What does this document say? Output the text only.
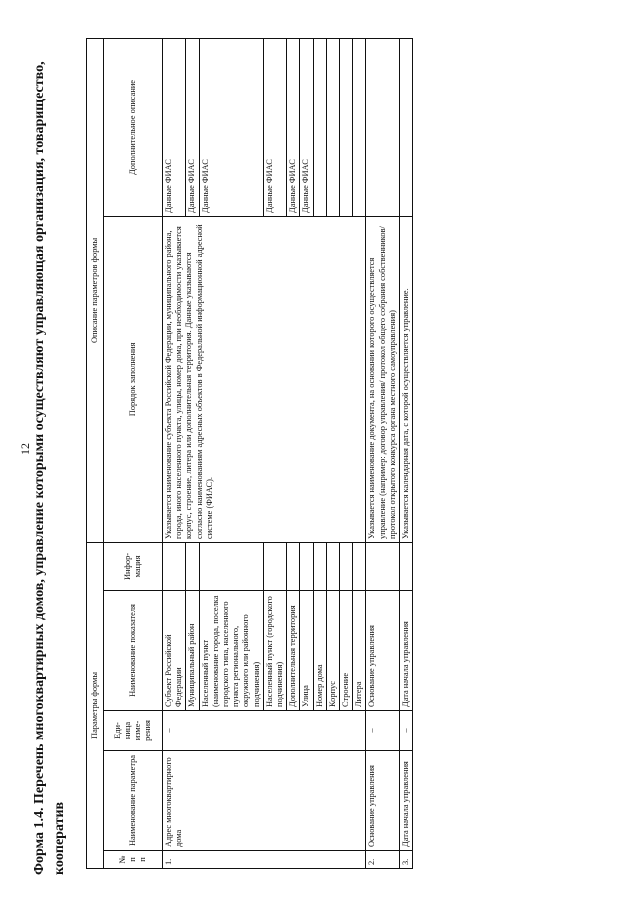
12 Форма 1.4. Перечень многоквартирных домов, управление которыми осуществляют управляющая организация, товарищество, кооператив
Параметры формы					Описание параметров формы	
№ п п	Наименование параметра	Еди- ница изме- рения	Наименование показателя	Инфор- мация	Порядок заполнения	Дополнительное описание
1.	Адрес многоквартирного дома	–	Субъект Российской Федерации		Указывается наименование субъекта Российской Федерации, муниципального района, города, иного населенного пункта, улицы, номер дома, при необходимости указывается корпус, строение, литера или дополнительная территория. Данные указываются согласно наименованиям адресных объектов в Федеральной информационной адресной системе (ФИАС).	Данные ФИАС
			Муниципальный район			Данные ФИАС
			Населенный пункт (наименование города, поселка городского типа, населенного пункта регионального, окружного или районного подчинения)			Данные ФИАС
			Населенный пункт (городского подчинения)			Данные ФИАС
			Дополнительная территория			Данные ФИАС
			Улица			Данные ФИАС
			Номер дома			
			Корпус			
			Строение			
			Литера			
2.	Основание управления	–	Основание управления		Указывается наименование документа, на основании которого осуществляется управление (например: договор управления/ протокол общего собрания собственников/ протокол открытого конкурса органа местного самоуправления)	
3.	Дата начала управления	–	Дата начала управления		Указывается календарная дата, с которой осуществляется управление.	
